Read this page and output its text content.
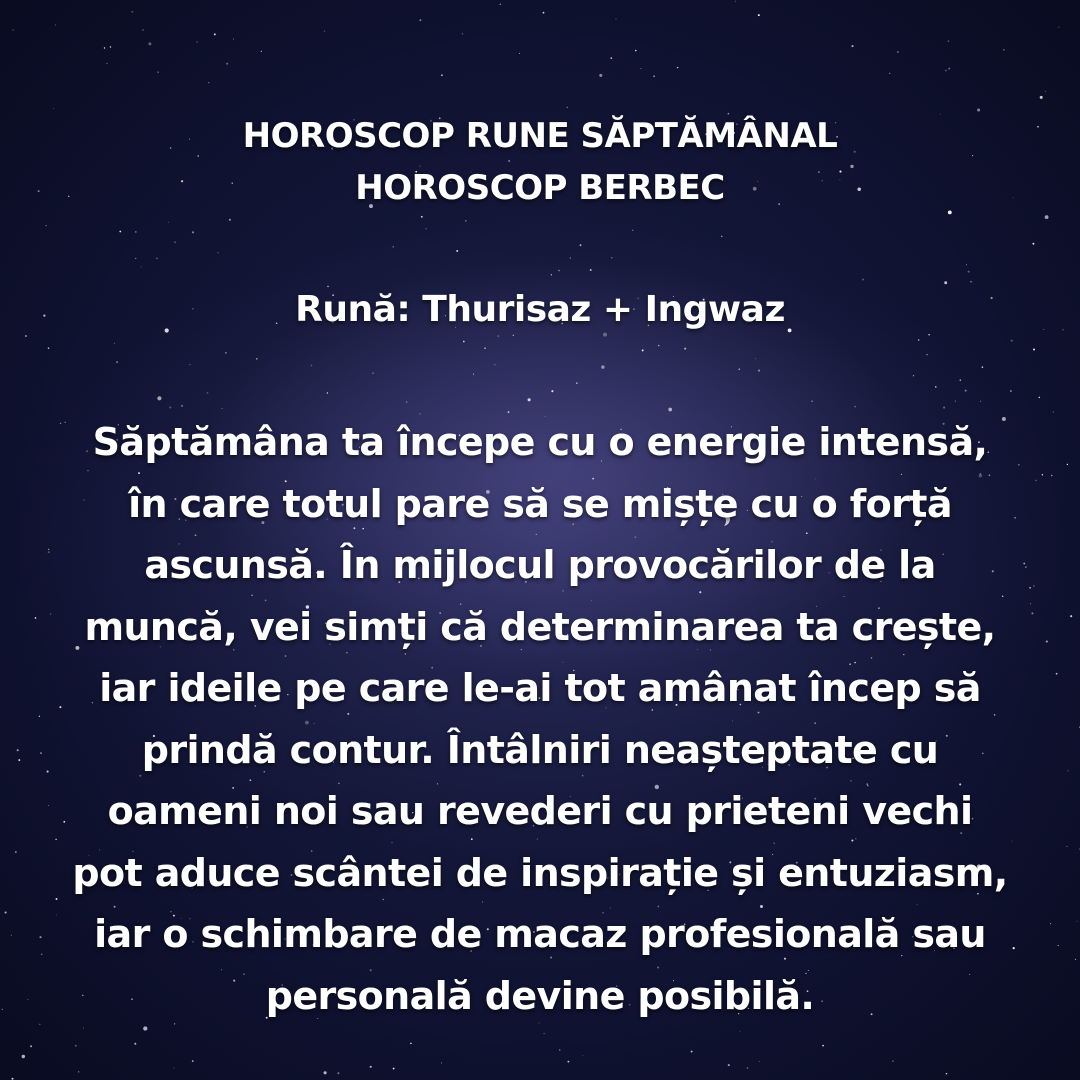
HOROSCOP RUNE SĂPTĂMÂNAL
HOROSCOP BERBEC
Rună: Thurisaz + Ingwaz
Săptămâna ta începe cu o energie intensă,
în care totul pare să se mișțe cu o forță
ascunsă. În mijlocul provocărilor de la
muncă, vei simți că determinarea ta crește,
iar ideile pe care le-ai tot amânat încep să
prindă contur. Întâlniri neașteptate cu
oameni noi sau revederi cu prieteni vechi
pot aduce scântei de inspirație și entuziasm,
iar o schimbare de macaz profesională sau
personală devine posibilă.
